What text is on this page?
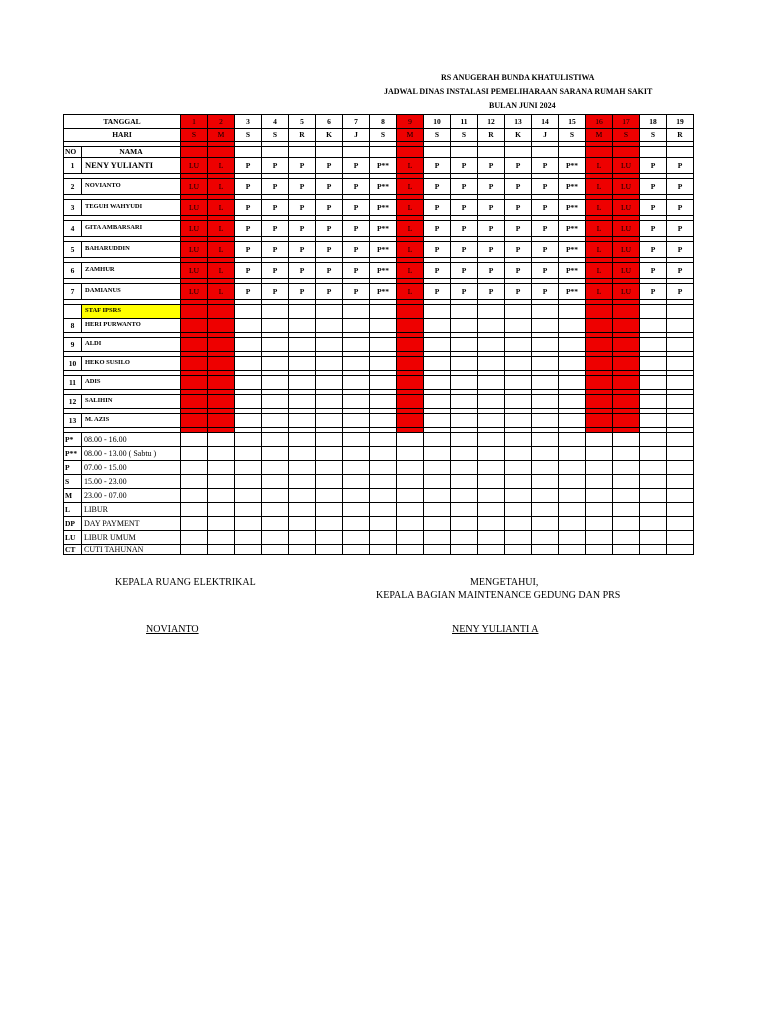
RS ANUGERAH BUNDA KHATULISTIWA
JADWAL DINAS INSTALASI PEMELIHARAAN SARANA RUMAH SAKIT
BULAN JUNI 2024
TANGGAL		1	2	3	4	5	6	7	8	9	10	11	12	13	14	15	16	17	18	19
HARI		S	M	S	S	R	K	J	S	M	S	S	R	K	J	S	M	S	S	R

NO	NAMA																			
1	NENY YULIANTI	LU	L	P	P	P	P	P	P**	L	P	P	P	P	P	P**	L	LU	P	P

2	NOVIANTO	LU	L	P	P	P	P	P	P**	L	P	P	P	P	P	P**	L	LU	P	P

3	TEGUH WAHYUDI	LU	L	P	P	P	P	P	P**	L	P	P	P	P	P	P**	L	LU	P	P

4	GITA AMBARSARI	LU	L	P	P	P	P	P	P**	L	P	P	P	P	P	P**	L	LU	P	P

5	BAHARUDDIN	LU	L	P	P	P	P	P	P**	L	P	P	P	P	P	P**	L	LU	P	P

6	ZAMHUR	LU	L	P	P	P	P	P	P**	L	P	P	P	P	P	P**	L	LU	P	P

7	DAMIANUS	LU	L	P	P	P	P	P	P**	L	P	P	P	P	P	P**	L	LU	P	P

	STAF IPSRS																			
8	HERI PURWANTO																			

9	ALDI																			

10	HEKO SUSILO																			

11	ADIS																			

12	SALIHIN																			

13	M. AZIS																			

P*	08.00 - 16.00																			
P**	08.00 - 13.00 ( Sabtu )																			
P	07.00 - 15.00																			
S	15.00 - 23.00																			
M	23.00 - 07.00																			
L	LIBUR																			
DP	DAY PAYMENT																			
LU	LIBUR UMUM																			
CT	CUTI TAHUNAN																			
KEPALA RUANG ELEKTRIKAL	MENGETAHUI,
KEPALA BAGIAN MAINTENANCE GEDUNG DAN PRS
NOVIANTO	NENY YULIANTI A
